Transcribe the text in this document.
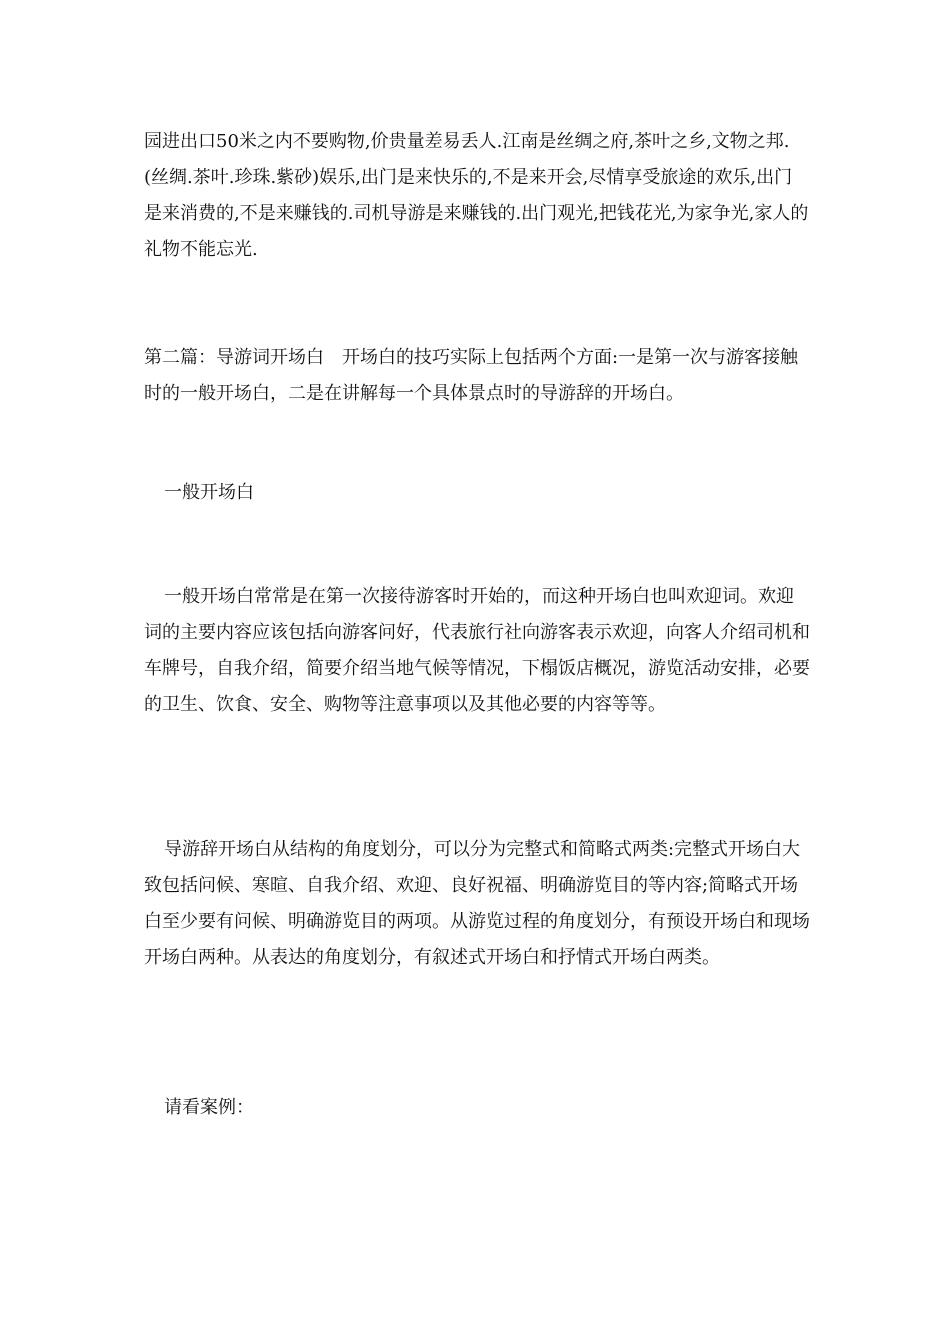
园进出口50米之内不要购物,价贵量差易丢人.江南是丝绸之府,茶叶之乡,文物之邦.(丝绸.茶叶.珍珠.紫砂)娱乐,出门是来快乐的,不是来开会,尽情享受旅途的欢乐,出门是来消费的,不是来赚钱的.司机导游是来赚钱的.出门观光,把钱花光,为家争光,家人的礼物不能忘光.

第二篇：导游词开场白　开场白的技巧实际上包括两个方面:一是第一次与游客接触时的一般开场白，二是在讲解每一个具体景点时的导游辞的开场白。

一般开场白

一般开场白常常是在第一次接待游客时开始的，而这种开场白也叫欢迎词。欢迎词的主要内容应该包括向游客问好，代表旅行社向游客表示欢迎，向客人介绍司机和车牌号，自我介绍，简要介绍当地气候等情况，下榻饭店概况，游览活动安排，必要的卫生、饮食、安全、购物等注意事项以及其他必要的内容等等。

导游辞开场白从结构的角度划分，可以分为完整式和简略式两类:完整式开场白大致包括问候、寒暄、自我介绍、欢迎、良好祝福、明确游览目的等内容;简略式开场白至少要有问候、明确游览目的两项。从游览过程的角度划分，有预设开场白和现场开场白两种。从表达的角度划分，有叙述式开场白和抒情式开场白两类。

请看案例：
